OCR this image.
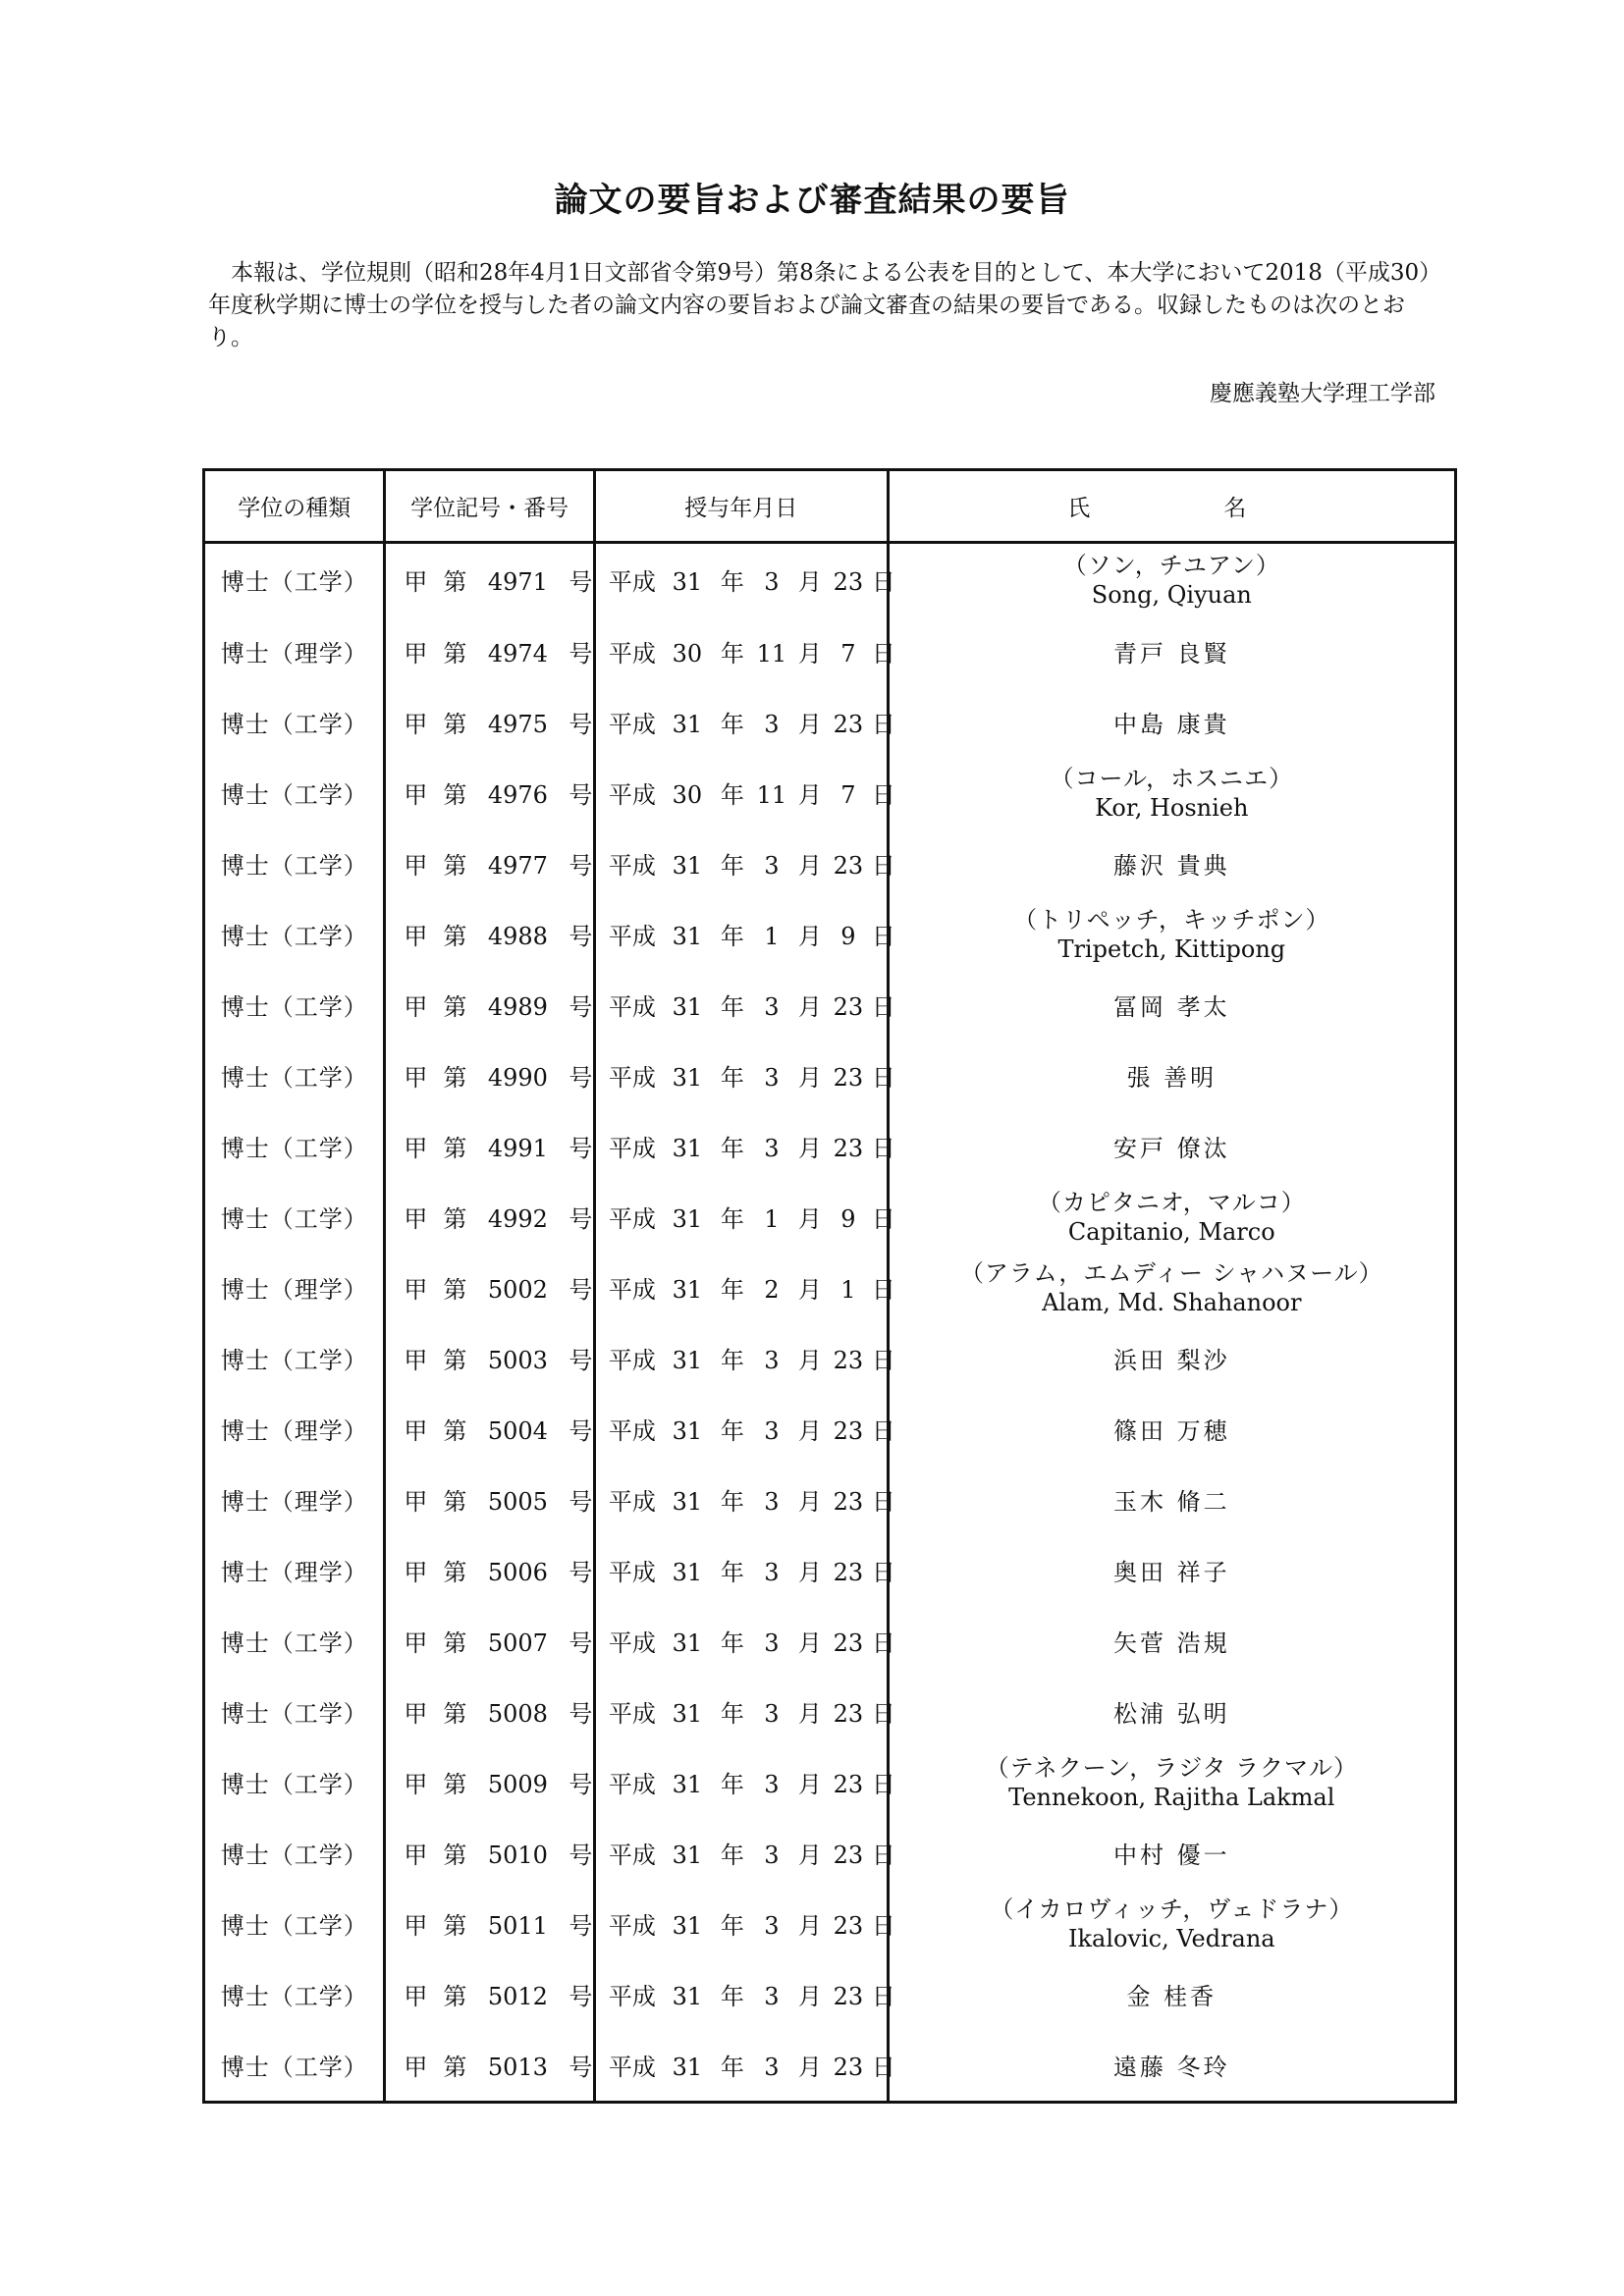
論文の要旨および審査結果の要旨
本報は、学位規則（昭和28年4月1日文部省令第9号）第8条による公表を目的として、本大学において2018（平成30）年度秋学期に博士の学位を授与した者の論文内容の要旨および論文審査の結果の要旨である。収録したものは次のとおり。
慶應義塾大学理工学部
学位の種類	学位記号・番号	授与年月日	氏　　名
博士（工学）	甲 第 4971 号	平成 31 年 3 月 23 日	（ソン，チユアン）
Song, Qiyuan

博士（理学）	甲 第 4974 号	平成 30 年 11 月 7 日	青戸 良賢
博士（工学）	甲 第 4975 号	平成 31 年 3 月 23 日	中島 康貴
博士（工学）	甲 第 4976 号	平成 30 年 11 月 7 日	（コール，ホスニエ）
Kor, Hosnieh

博士（工学）	甲 第 4977 号	平成 31 年 3 月 23 日	藤沢 貴典
博士（工学）	甲 第 4988 号	平成 31 年 1 月 9 日	（トリペッチ，キッチポン）
Tripetch, Kittipong

博士（工学）	甲 第 4989 号	平成 31 年 3 月 23 日	冨岡 孝太
博士（工学）	甲 第 4990 号	平成 31 年 3 月 23 日	張 善明
博士（工学）	甲 第 4991 号	平成 31 年 3 月 23 日	安戸 僚汰
博士（工学）	甲 第 4992 号	平成 31 年 1 月 9 日	（カピタニオ，マルコ）
Capitanio, Marco

博士（理学）	甲 第 5002 号	平成 31 年 2 月 1 日	（アラム，エムディー シャハヌール）
Alam, Md. Shahanoor

博士（工学）	甲 第 5003 号	平成 31 年 3 月 23 日	浜田 梨沙
博士（理学）	甲 第 5004 号	平成 31 年 3 月 23 日	篠田 万穂
博士（理学）	甲 第 5005 号	平成 31 年 3 月 23 日	玉木 脩二
博士（理学）	甲 第 5006 号	平成 31 年 3 月 23 日	奥田 祥子
博士（工学）	甲 第 5007 号	平成 31 年 3 月 23 日	矢菅 浩規
博士（工学）	甲 第 5008 号	平成 31 年 3 月 23 日	松浦 弘明
博士（工学）	甲 第 5009 号	平成 31 年 3 月 23 日	（テネクーン，ラジタ ラクマル）
Tennekoon, Rajitha Lakmal

博士（工学）	甲 第 5010 号	平成 31 年 3 月 23 日	中村 優一
博士（工学）	甲 第 5011 号	平成 31 年 3 月 23 日	（イカロヴィッチ，ヴェドラナ）
Ikalovic, Vedrana

博士（工学）	甲 第 5012 号	平成 31 年 3 月 23 日	金 桂香
博士（工学）	甲 第 5013 号	平成 31 年 3 月 23 日	遠藤 冬玲
